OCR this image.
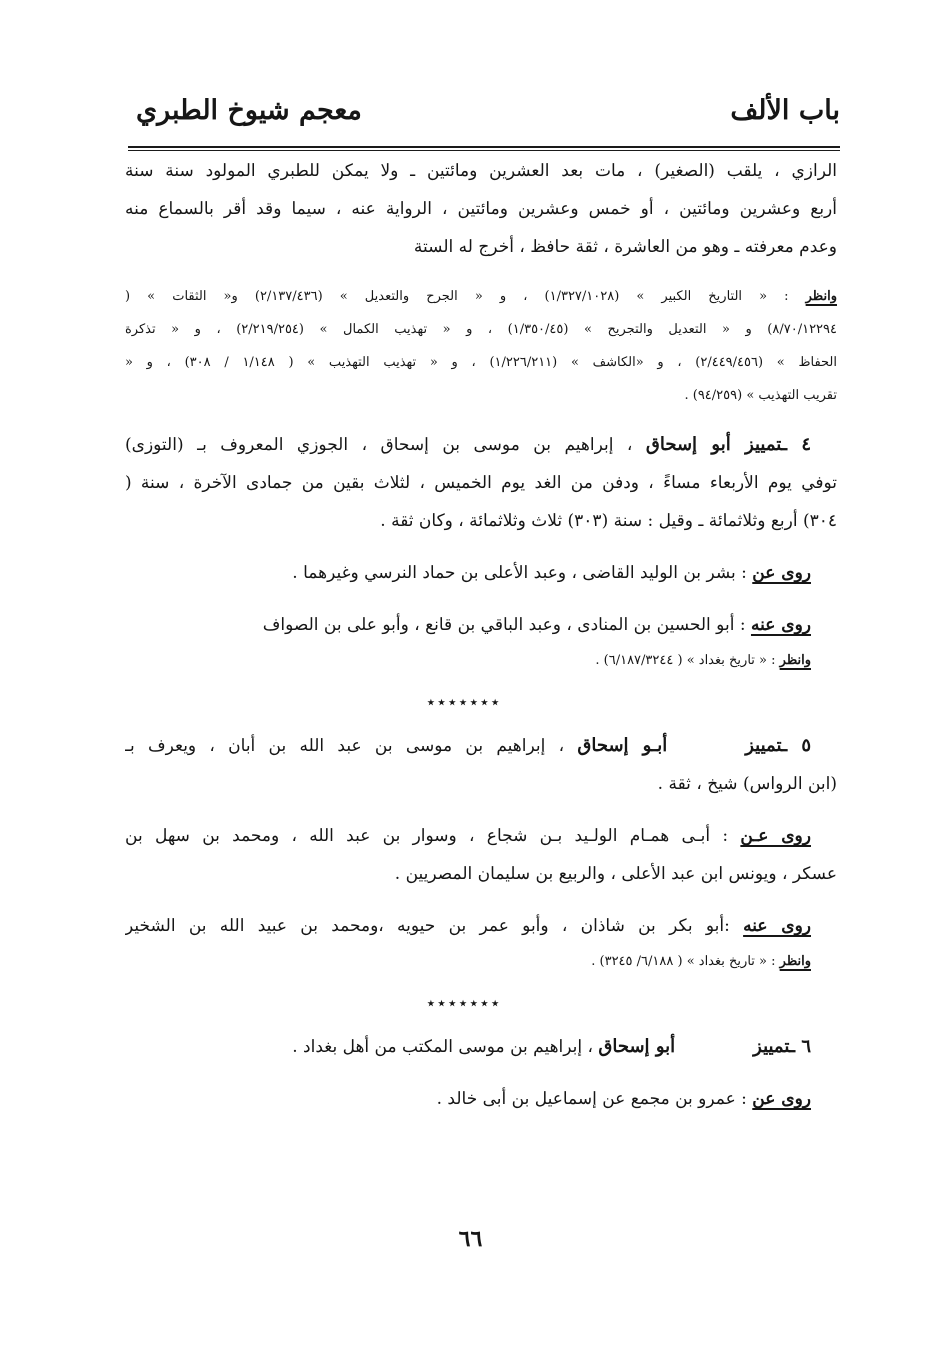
باب الألف
معجم شيوخ الطبري
الرازي ، يلقب (الصغير) ، مات بعد العشرين ومائتين ـ ولا يمكن للطبري المولود سنة سنة
أربع وعشرين ومائتين ، أو خمس وعشرين ومائتين ، الرواية عنه ، سيما وقد أقر بالسماع منه
وعدم معرفته ـ وهو من العاشرة ، ثقة حافظ ، أخرج له الستة
وانظر : « التاريخ الكبير » (١/٣٢٧/١٠٢٨) ، و « الجرح والتعديل » (٢/١٣٧/٤٣٦) و« الثقات » (
٨/٧٠/١٢٢٩٤) و « التعديل والتجريح » (١/٣٥٠/٤٥) ، و « تهذيب الكمال » (٢/٢١٩/٢٥٤) ، و « تذكرة
الحفاظ » (٢/٤٤٩/٤٥٦) ، و «الكاشف » (١/٢٢٦/٢١١) ، و « تهذيب التهذيب » ( ١/١٤٨ / ٣٠٨) ، و «
تقريب التهذيب » (٩٤/٢٥٩) .
٤ ـتمييز أبو إسحاق ، إبراهيم بن موسى بن إسحاق ، الجوزي المعروف بـ (التوزى)
توفي يوم الأربعاء مساءً ، ودفن من الغد يوم الخميس ، لثلاث بقين من جمادى الآخرة ، سنة (
٣٠٤) أربع وثلاثمائة ـ وقيل : سنة (٣٠٣) ثلاث وثلاثمائة ، وكان ثقة .
روى عن : بشر بن الوليد القاضى ، وعبد الأعلى بن حماد النرسي وغيرهما .
روى عنه : أبو الحسين بن المنادى ، وعبد الباقي بن قانع ، وأبو على بن الصواف
وانظر : « تاريخ بغداد » ( ٦/١٨٧/٣٢٤٤) .
٭ ٭ ٭ ٭ ٭ ٭ ٭
٥ ـتمييزأبـو إسحاق ، إبراهيم بن موسى بن عبد الله بن أبان ، ويعرف بـ
(ابن الرواس) شيخ ، ثقة .
روى عـن : أبـى همـام الولـيد بـن شجاع ، وسوار بن عبد الله ، ومحمد بن سهل بن
عسكر ، ويونس ابن عبد الأعلى ، والربيع بن سليمان المصريين .
روى عنه :أبو بكر بن شاذان ، وأبو عمر بن حيويه ،ومحمد بن عبيد الله بن الشخير
وانظر : « تاريخ بغداد » ( ٦/١٨٨/ ٣٢٤٥) .
٭ ٭ ٭ ٭ ٭ ٭ ٭
٦ ـتمييزأبو إسحاق ، إبراهيم بن موسى المكتب من أهل بغداد .
روى عن : عمرو بن مجمع عن إسماعيل بن أبى خالد .
٦٦
